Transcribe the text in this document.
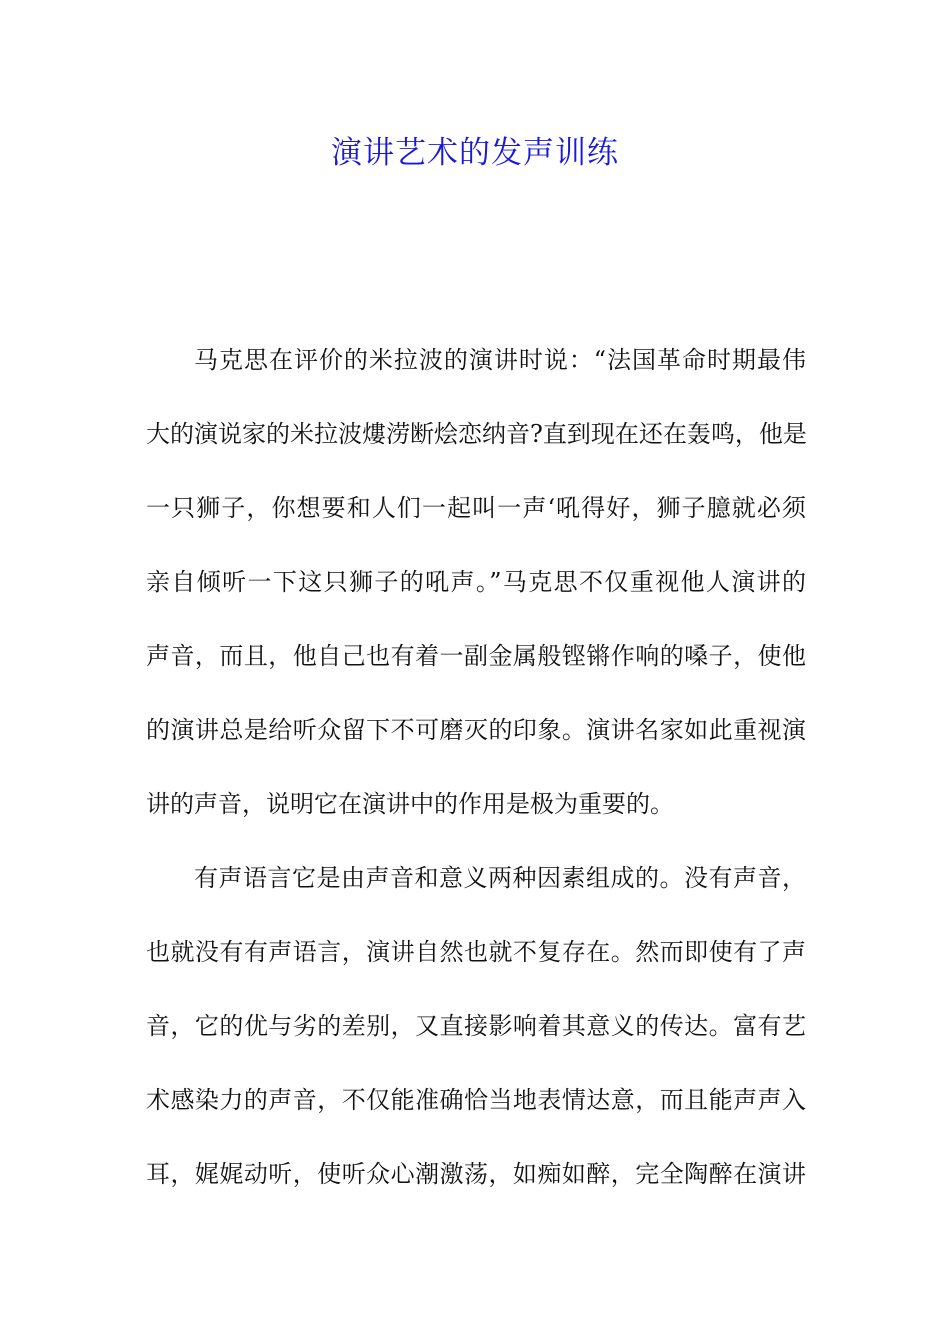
演讲艺术的发声训练
马克思在评价的米拉波的演讲时说：“法国革命时期最伟
大的演说家的米拉波熡涝断烩恋纳音?直到现在还在轰鸣，他是
一只狮子，你想要和人们一起叫一声‘吼得好，狮子臆就必须
亲自倾听一下这只狮子的吼声。”马克思不仅重视他人演讲的
声音，而且，他自己也有着一副金属般铿锵作响的嗓子，使他
的演讲总是给听众留下不可磨灭的印象。演讲名家如此重视演
讲的声音，说明它在演讲中的作用是极为重要的。
有声语言它是由声音和意义两种因素组成的。没有声音，
也就没有有声语言，演讲自然也就不复存在。然而即使有了声
音，它的优与劣的差别，又直接影响着其意义的传达。富有艺
术感染力的声音，不仅能准确恰当地表情达意，而且能声声入
耳，娓娓动听，使听众心潮激荡，如痴如醉，完全陶醉在演讲
